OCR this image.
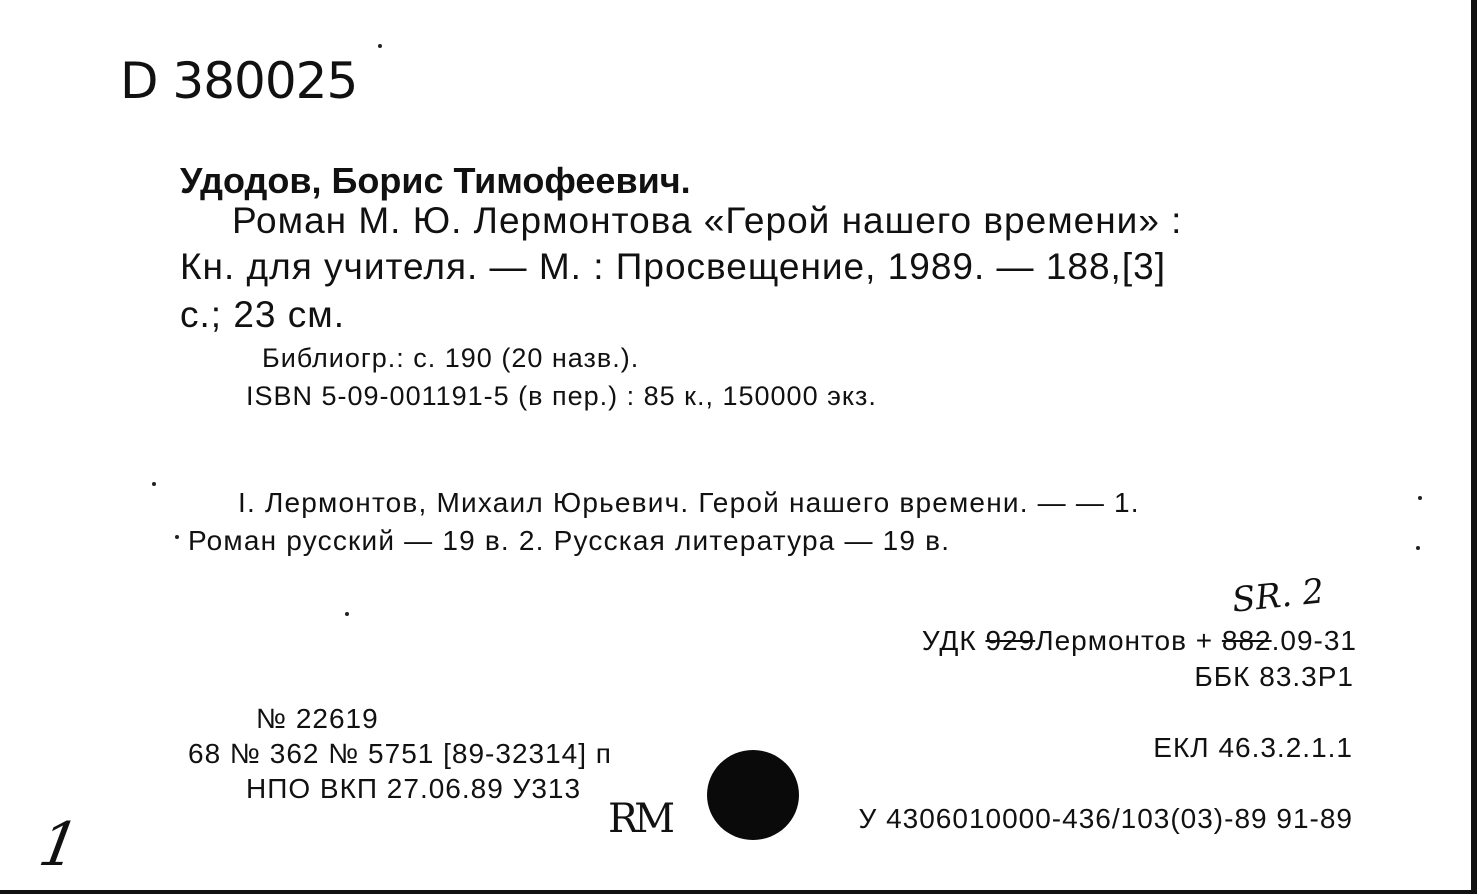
D 380025
Удодов, Борис Тимофеевич.
Роман М. Ю. Лермонтова «Герой нашего времени» :
Кн. для учителя. — М. : Просвещение, 1989. — 188,[3]
с.; 23 см.
Библиогр.: с. 190 (20 назв.).
ISBN 5-09-001191-5 (в пер.) : 85 к., 150000 экз.
I. Лермонтов, Михаил Юрьевич. Герой нашего времени. — — 1.
Роман русский — 19 в. 2. Русская литература — 19 в.
SR. 2
УДК 929Лермонтов + 882.09-31
ББК 83.3Р1
ЕКЛ 46.3.2.1.1
№ 22619
68 № 362 № 5751 [89-32314] п
НПО ВКП 27.06.89 У313
RM	У 4306010000-436/103(03)-89 91-89
1
